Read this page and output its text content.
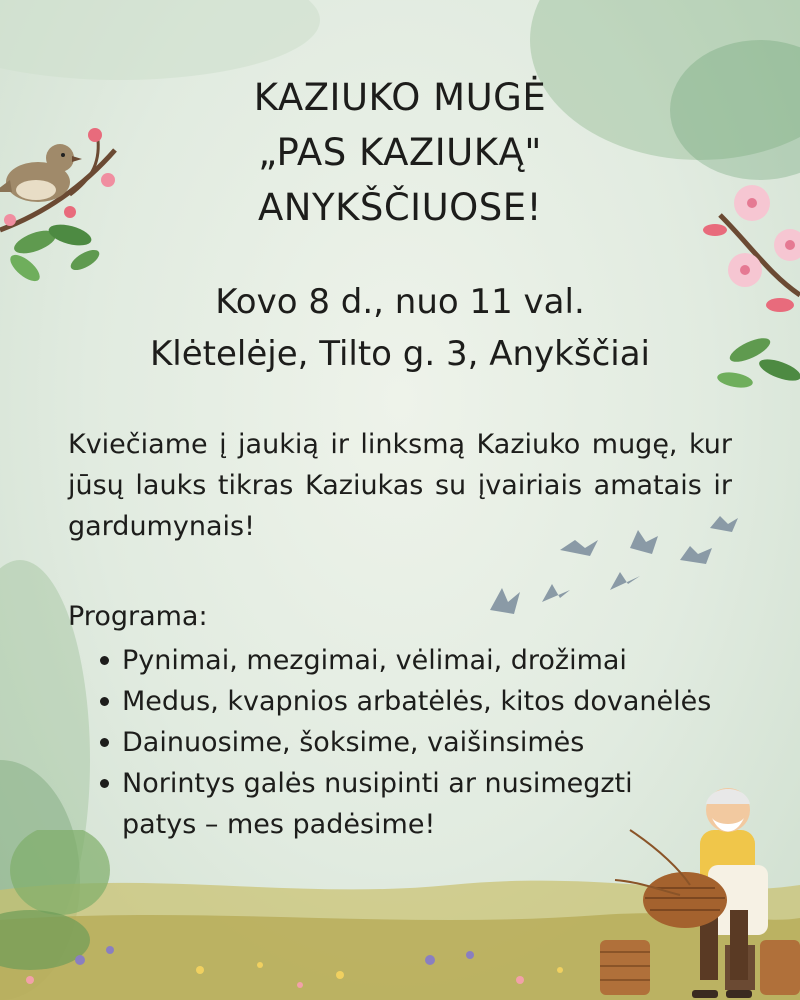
KAZIUKO MUGĖ
„PAS KAZIUKĄ"
ANYKŠČIUOSE!
Kovo 8 d., nuo 11 val.
Klėtelėje, Tilto g. 3, Anykščiai
Kviečiame į jaukią ir linksmą Kaziuko mugę, kur jūsų lauks tikras Kaziukas su įvairiais amatais ir gardumynais!
Programa:
Pynimai, mezgimai, vėlimai, drožimai
Medus, kvapnios arbatėlės, kitos dovanėlės
Dainuosime, šoksime, vaišinsimės
Norintys galės nusipinti ar nusimegzti patys – mes padėsime!
